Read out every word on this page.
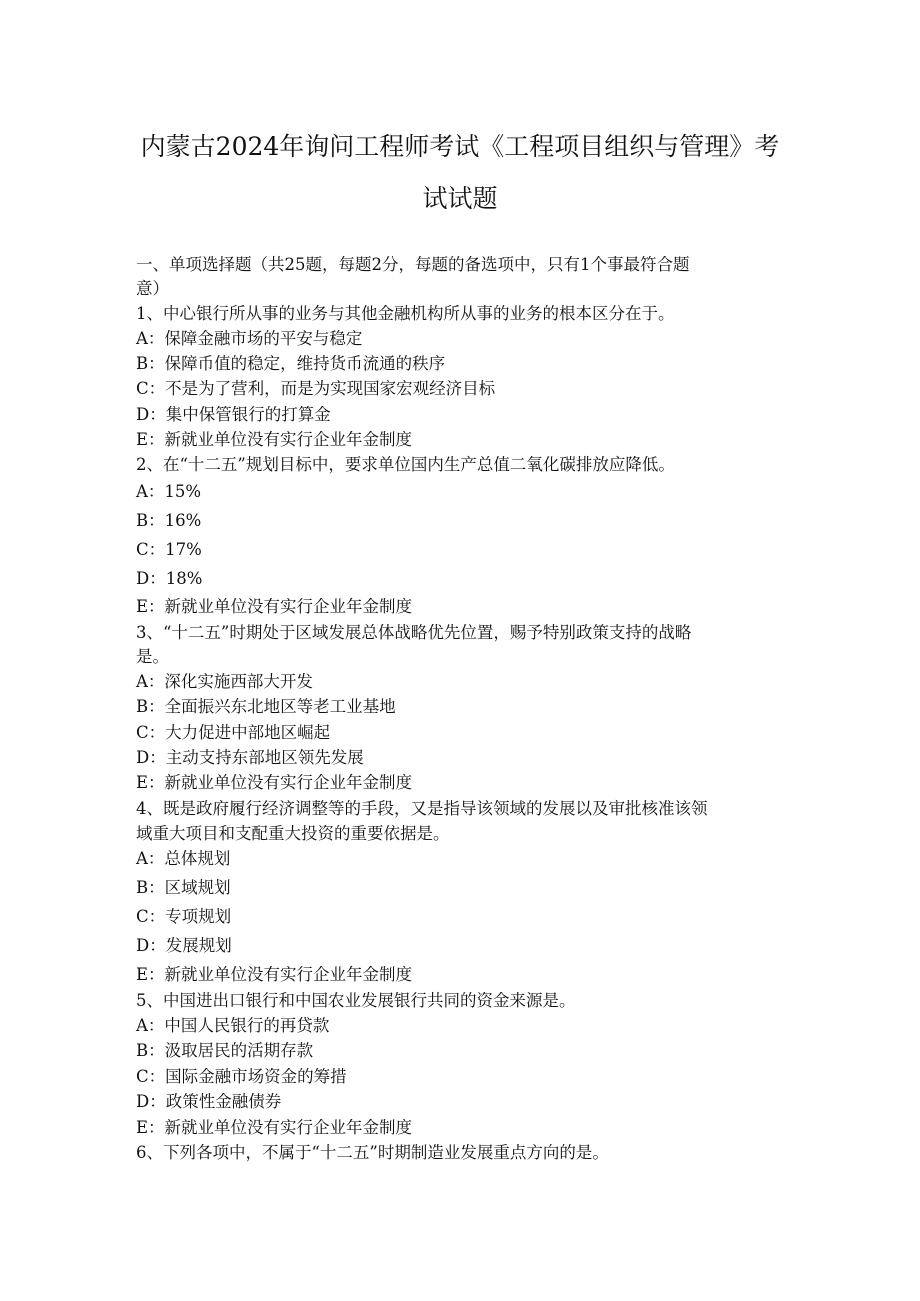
内蒙古2024年询问工程师考试《工程项目组织与管理》考
试试题
一、单项选择题（共25题，每题2分，每题的备选项中，只有1个事最符合题
意）
1、中心银行所从事的业务与其他金融机构所从事的业务的根本区分在于。
A：保障金融市场的平安与稳定
B：保障币值的稳定，维持货币流通的秩序
C：不是为了营利，而是为实现国家宏观经济目标
D：集中保管银行的打算金
E：新就业单位没有实行企业年金制度
2、在“十二五”规划目标中，要求单位国内生产总值二氧化碳排放应降低。
A：15%
B：16%
C：17%
D：18%
E：新就业单位没有实行企业年金制度
3、“十二五”时期处于区域发展总体战略优先位置，赐予特别政策支持的战略
是。
A：深化实施西部大开发
B：全面振兴东北地区等老工业基地
C：大力促进中部地区崛起
D：主动支持东部地区领先发展
E：新就业单位没有实行企业年金制度
4、既是政府履行经济调整等的手段，又是指导该领域的发展以及审批核准该领
域重大项目和支配重大投资的重要依据是。
A：总体规划
B：区域规划
C：专项规划
D：发展规划
E：新就业单位没有实行企业年金制度
5、中国进出口银行和中国农业发展银行共同的资金来源是。
A：中国人民银行的再贷款
B：汲取居民的活期存款
C：国际金融市场资金的筹措
D：政策性金融债券
E：新就业单位没有实行企业年金制度
6、下列各项中，不属于“十二五”时期制造业发展重点方向的是。
